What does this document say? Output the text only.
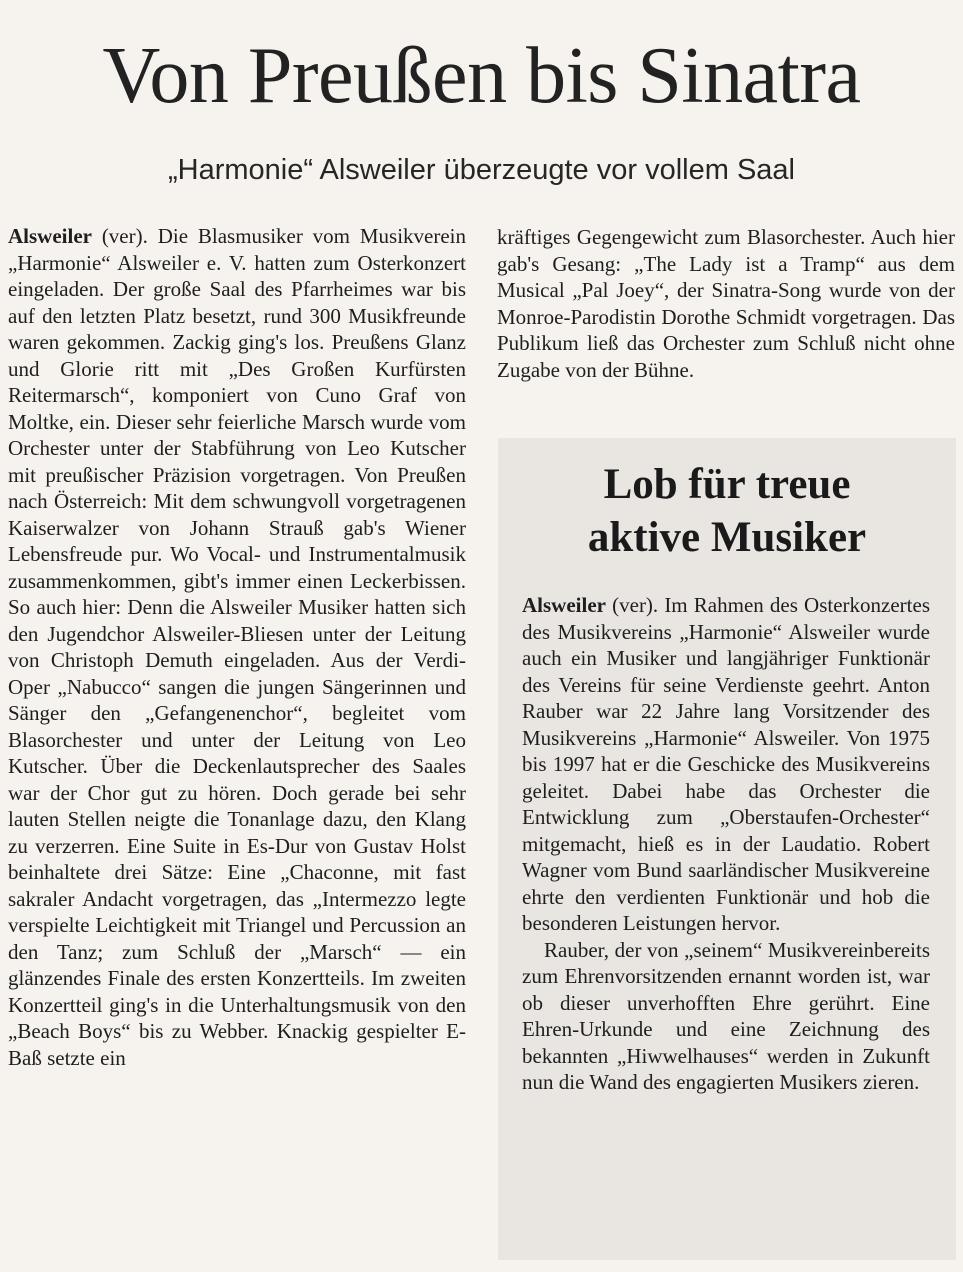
Von Preußen bis Sinatra
„Harmonie“ Alsweiler überzeugte vor vollem Saal

Alsweiler (ver). Die Blasmusiker vom Musikverein „Harmonie“ Alsweiler e. V. hatten zum Osterkonzert eingeladen. Der große Saal des Pfarrheimes war bis auf den letzten Platz besetzt, rund 300 Musikfreunde waren gekommen. Zackig ging's los. Preußens Glanz und Glorie ritt mit „Des Großen Kurfürsten Reitermarsch“, komponiert von Cuno Graf von Moltke, ein. Dieser sehr feierliche Marsch wurde vom Orchester unter der Stabführung von Leo Kutscher mit preußischer Präzision vorgetragen. Von Preußen nach Österreich: Mit dem schwungvoll vorgetragenen Kaiserwalzer von Johann Strauß gab's Wiener Lebensfreude pur. Wo Vocal- und Instrumentalmusik zusammenkommen, gibt's immer einen Leckerbissen. So auch hier: Denn die Alsweiler Musiker hatten sich den Jugendchor Alsweiler-Bliesen unter der Leitung von Christoph Demuth eingeladen. Aus der Verdi-Oper „Nabucco“ sangen die jungen Sängerinnen und Sänger den „Gefangenenchor“, begleitet vom Blasorchester und unter der Leitung von Leo Kutscher. Über die Deckenlautsprecher des Saales war der Chor gut zu hören. Doch gerade bei sehr lauten Stellen neigte die Tonanlage dazu, den Klang zu verzerren. Eine Suite in Es-Dur von Gustav Holst beinhaltete drei Sätze: Eine „Chaconne, mit fast sakraler Andacht vorgetragen, das „Intermezzo legte verspielte Leichtigkeit mit Triangel und Percussion an den Tanz; zum Schluß der „Marsch“ — ein glänzendes Finale des ersten Konzertteils. Im zweiten Konzertteil ging's in die Unterhaltungsmusik von den „Beach Boys“ bis zu Webber. Knackig gespielter E-Baß setzte ein

kräftiges Gegengewicht zum Blasorchester. Auch hier gab's Gesang: „The Lady ist a Tramp“ aus dem Musical „Pal Joey“, der Sinatra-Song wurde von der Monroe-Parodistin Dorothe Schmidt vorgetragen. Das Publikum ließ das Orchester zum Schluß nicht ohne Zugabe von der Bühne.

Lob für treue
aktive Musiker

Alsweiler (ver). Im Rahmen des Osterkonzertes des Musikvereins „Harmonie“ Alsweiler wurde auch ein Musiker und langjähriger Funktionär des Vereins für seine Verdienste geehrt. Anton Rauber war 22 Jahre lang Vorsitzender des Musikvereins „Harmonie“ Alsweiler. Von 1975 bis 1997 hat er die Geschicke des Musikvereins geleitet. Dabei habe das Orchester die Entwicklung zum „Oberstaufen-Orchester“ mitgemacht, hieß es in der Laudatio. Robert Wagner vom Bund saarländischer Musikvereine ehrte den verdienten Funktionär und hob die besonderen Leistungen hervor.

Rauber, der von „seinem“ Musikvereinbereits zum Ehrenvorsitzenden ernannt worden ist, war ob dieser unverhofften Ehre gerührt. Eine Ehren-Urkunde und eine Zeichnung des bekannten „Hiwwelhauses“ werden in Zukunft nun die Wand des engagierten Musikers zieren.
